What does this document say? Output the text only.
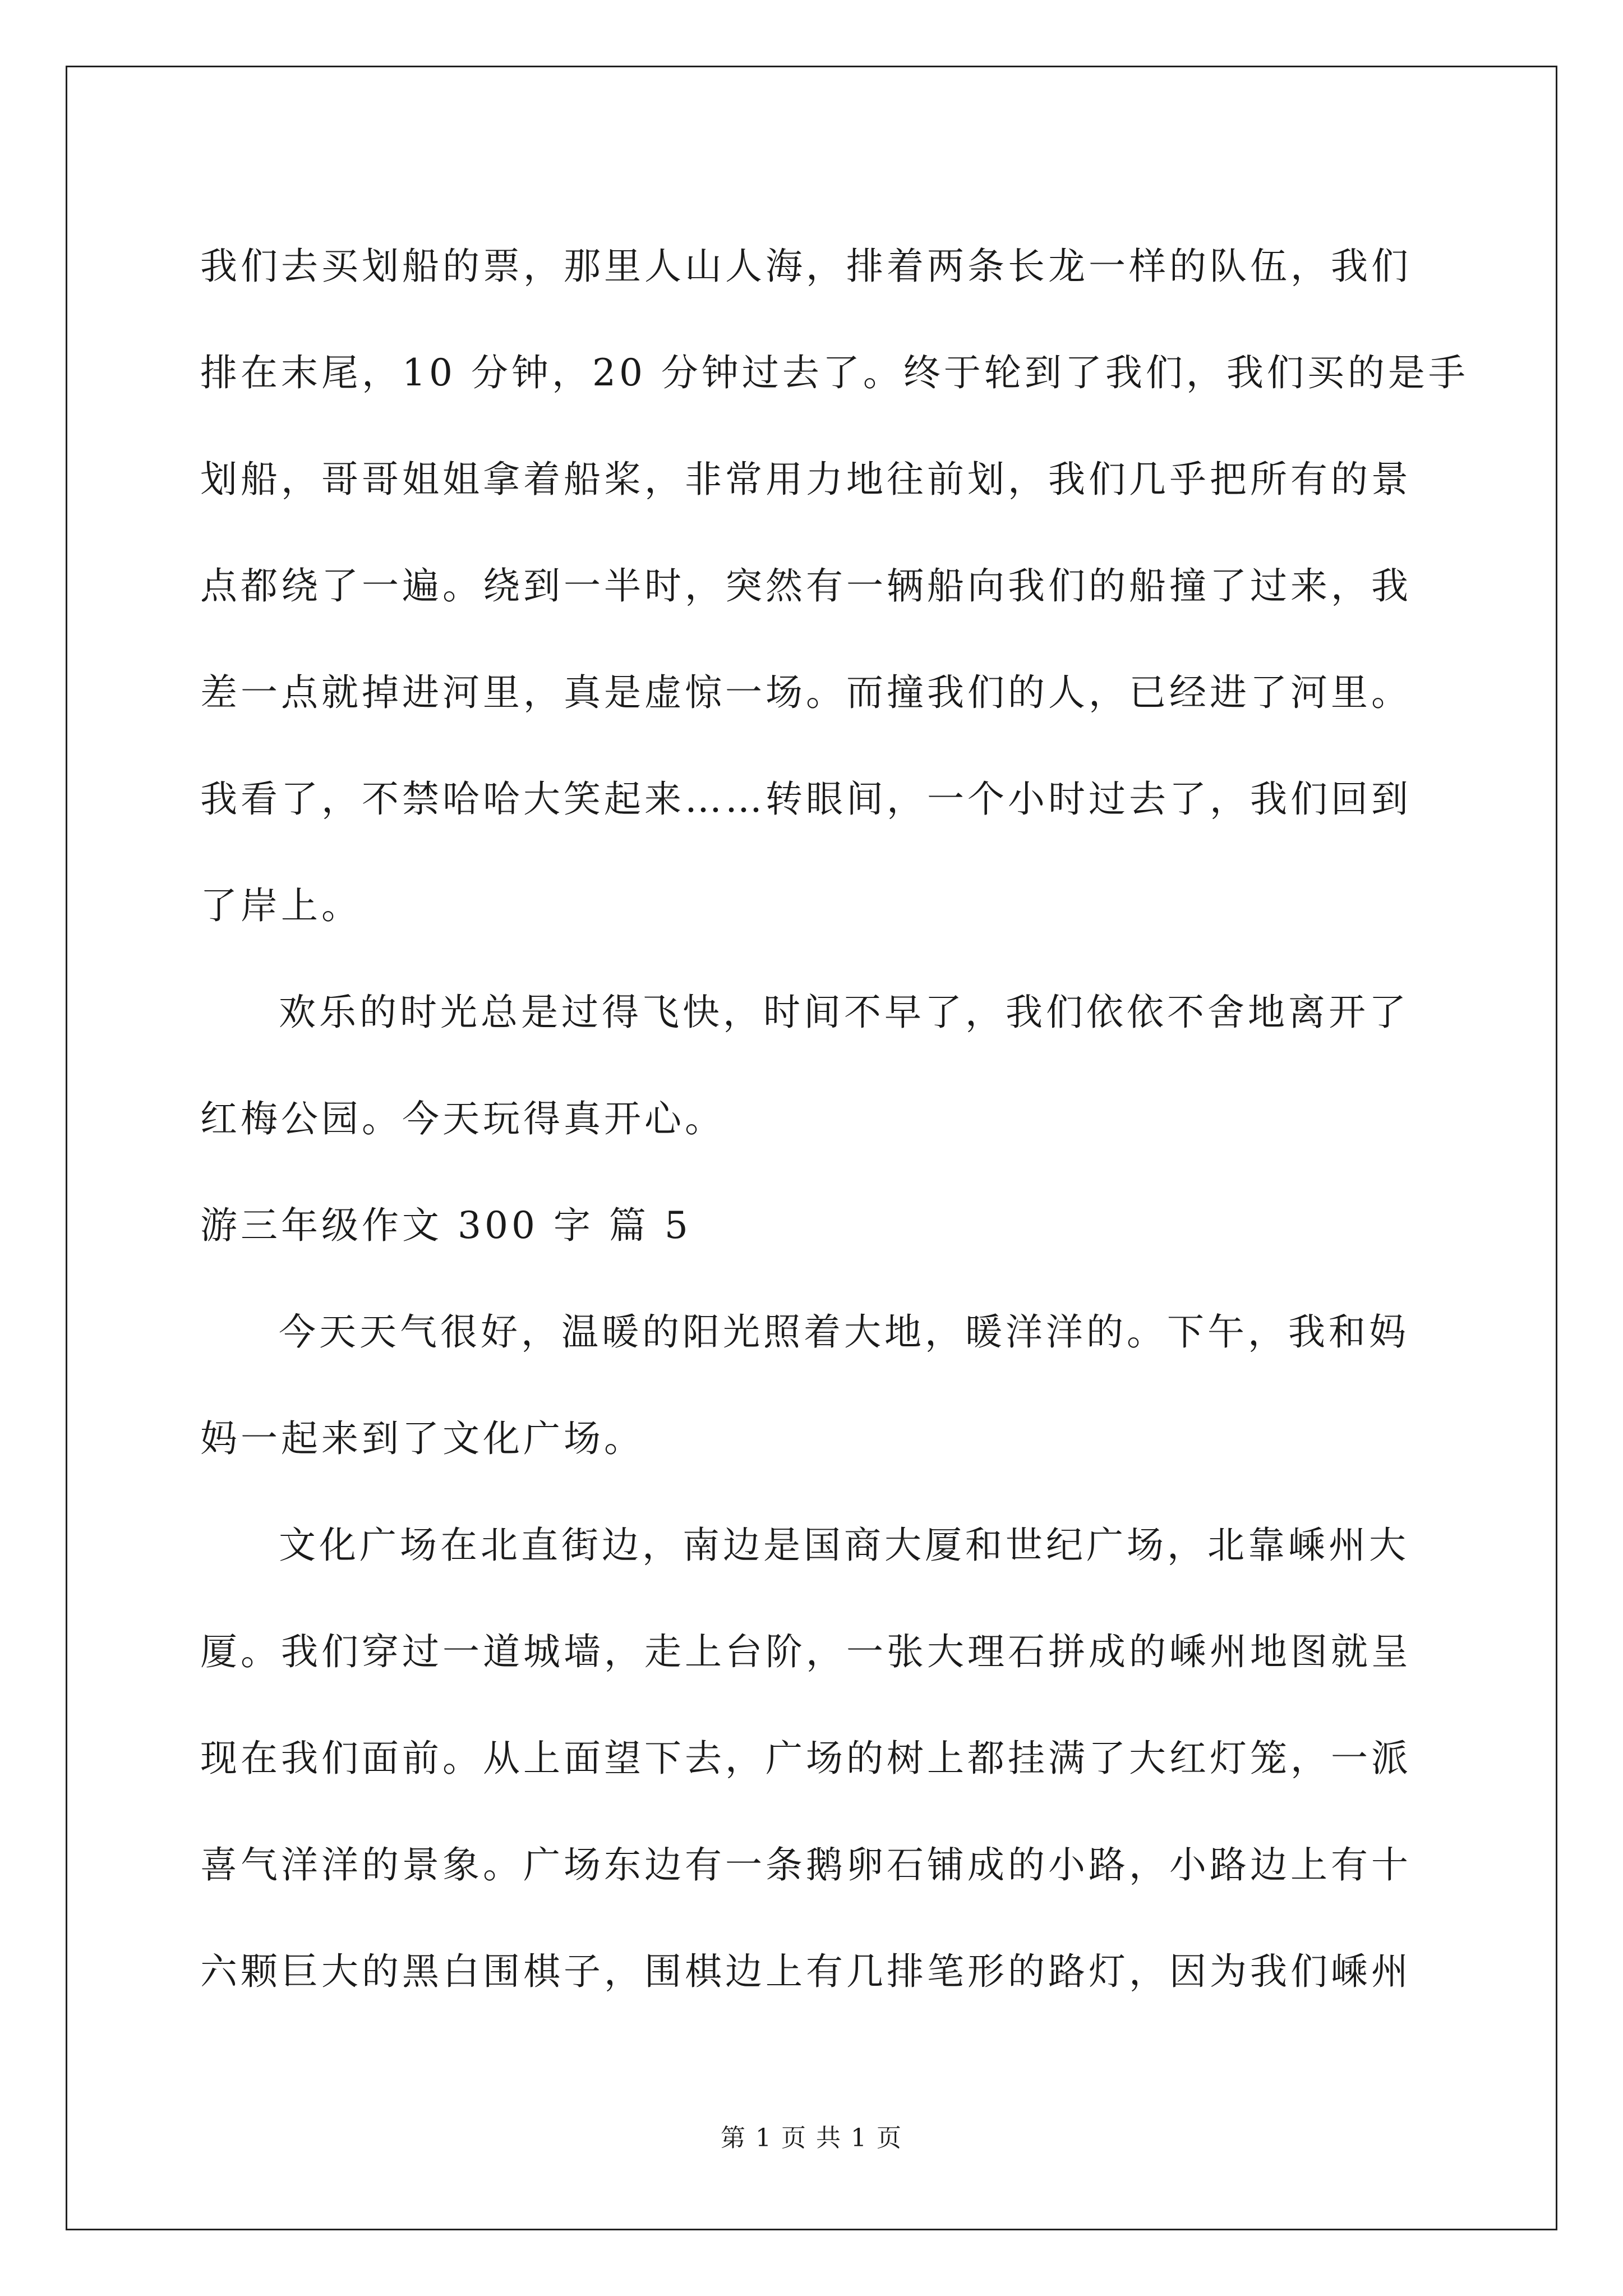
我们去买划船的票，那里人山人海，排着两条长龙一样的队伍，我们
排在末尾，10 分钟，20 分钟过去了。终于轮到了我们，我们买的是手
划船，哥哥姐姐拿着船桨，非常用力地往前划，我们几乎把所有的景
点都绕了一遍。绕到一半时，突然有一辆船向我们的船撞了过来，我
差一点就掉进河里，真是虚惊一场。而撞我们的人，已经进了河里。
我看了，不禁哈哈大笑起来……转眼间，一个小时过去了，我们回到
了岸上。
欢乐的时光总是过得飞快，时间不早了，我们依依不舍地离开了
红梅公园。今天玩得真开心。
游三年级作文 300 字 篇 5
今天天气很好，温暖的阳光照着大地，暖洋洋的。下午，我和妈
妈一起来到了文化广场。
文化广场在北直街边，南边是国商大厦和世纪广场，北靠嵊州大
厦。我们穿过一道城墙，走上台阶，一张大理石拼成的嵊州地图就呈
现在我们面前。从上面望下去，广场的树上都挂满了大红灯笼，一派
喜气洋洋的景象。广场东边有一条鹅卵石铺成的小路，小路边上有十
六颗巨大的黑白围棋子，围棋边上有几排笔形的路灯，因为我们嵊州
第 1 页 共 1 页
